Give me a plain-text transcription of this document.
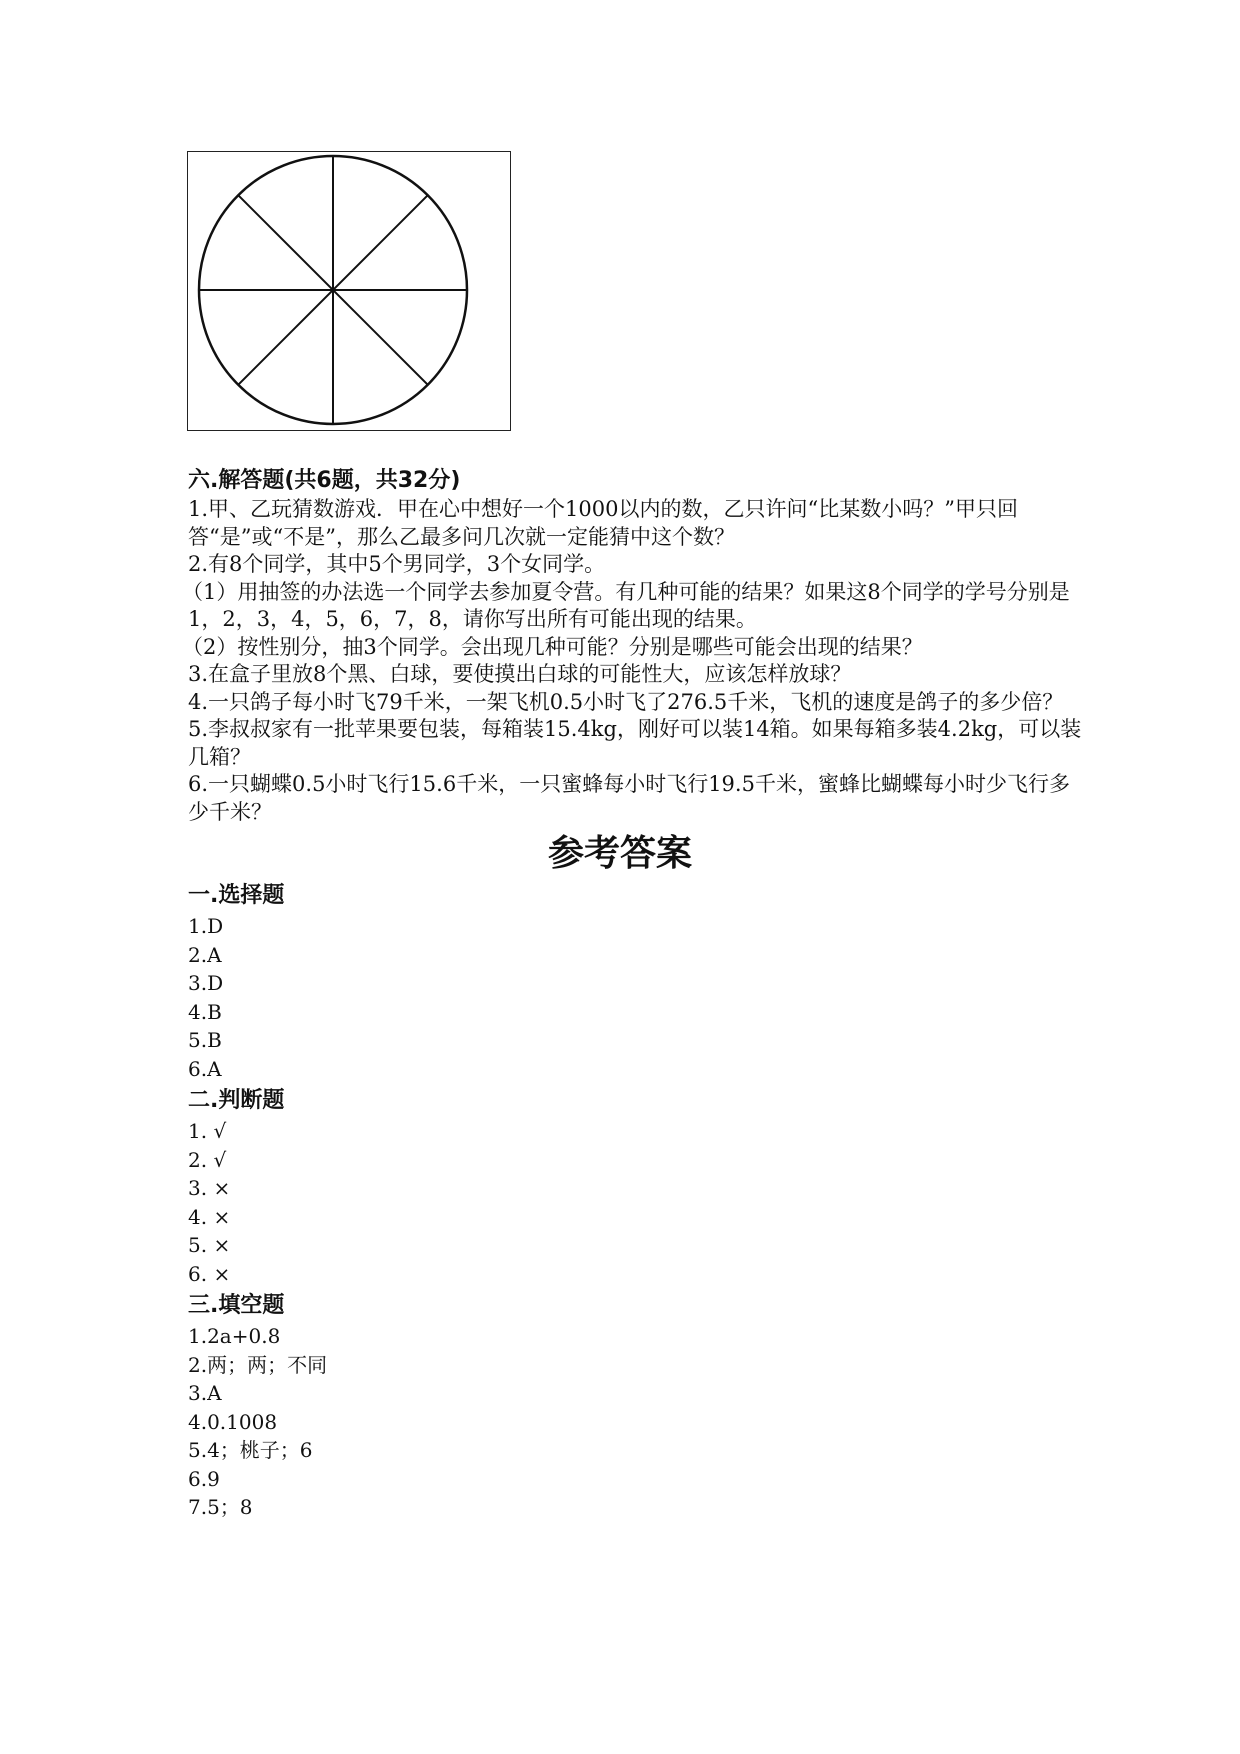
六.解答题(共6题，共32分)

1.甲、乙玩猜数游戏．甲在心中想好一个1000以内的数，乙只许问“比某数小吗？”甲只回答“是”或“不是”，那么乙最多问几次就一定能猜中这个数？

2.有8个同学，其中5个男同学，3个女同学。

（1）用抽签的办法选一个同学去参加夏令营。有几种可能的结果？如果这8个同学的学号分别是1，2，3，4，5，6，7，8，请你写出所有可能出现的结果。

（2）按性别分，抽3个同学。会出现几种可能？分别是哪些可能会出现的结果？

3.在盒子里放8个黑、白球，要使摸出白球的可能性大，应该怎样放球？

4.一只鸽子每小时飞79千米，一架飞机0.5小时飞了276.5千米，飞机的速度是鸽子的多少倍？

5.李叔叔家有一批苹果要包装，每箱装15.4kg，刚好可以装14箱。如果每箱多装4.2kg，可以装几箱？

6.一只蝴蝶0.5小时飞行15.6千米，一只蜜蜂每小时飞行19.5千米，蜜蜂比蝴蝶每小时少飞行多少千米？

参考答案

一.选择题

1.D

2.A

3.D

4.B

5.B

6.A

二.判断题

1. √

2. √

3. ×

4. ×

5. ×

6. ×

三.填空题

1.2a+0.8

2.两；两；不同

3.A

4.0.1008

5.4；桃子；6

6.9

7.5；8
